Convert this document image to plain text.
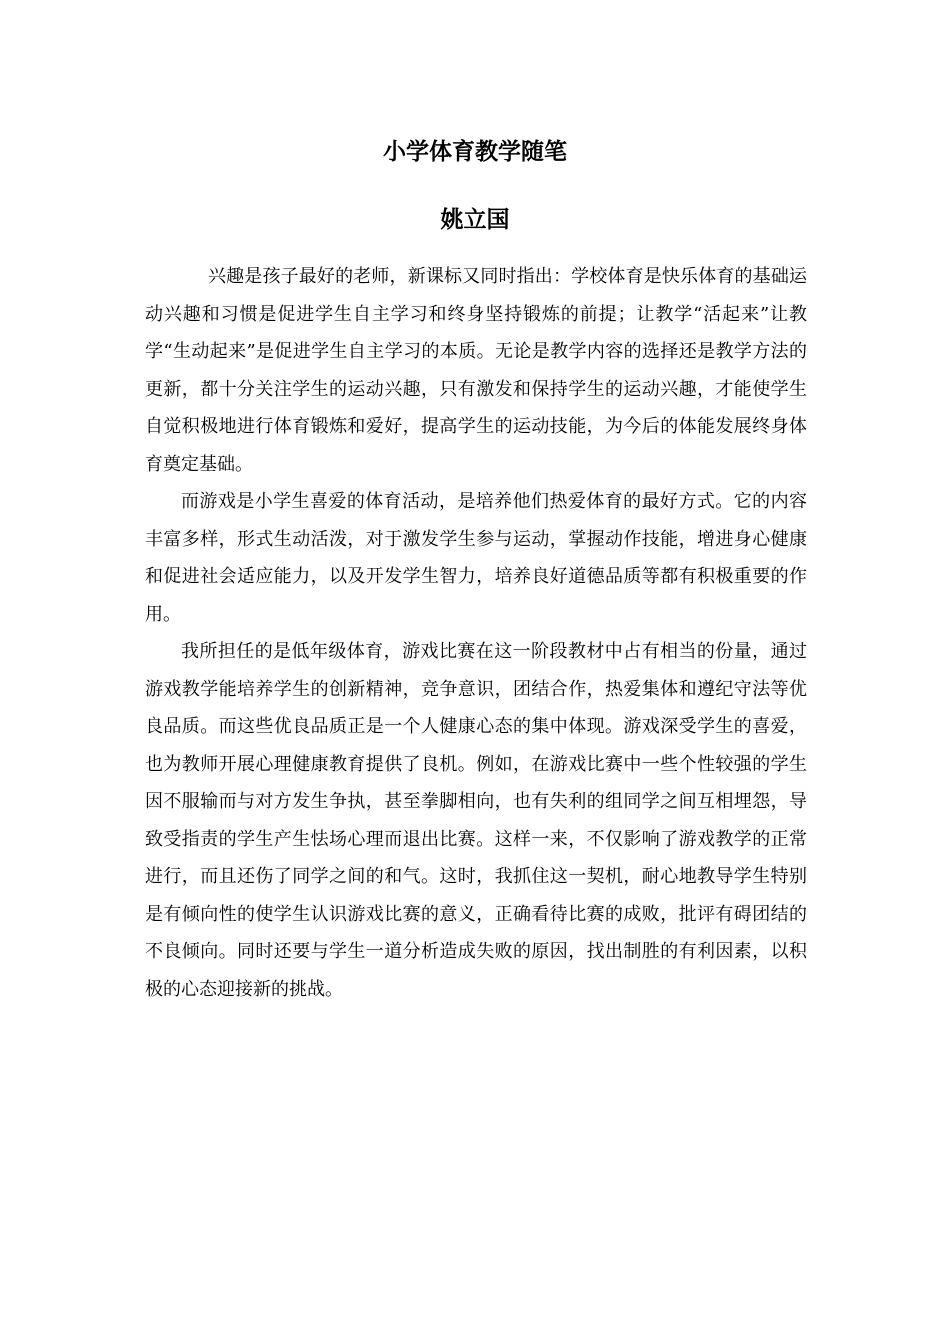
小学体育教学随笔
姚立国

兴趣是孩子最好的老师，新课标又同时指出：学校体育是快乐体育的基础运动兴趣和习惯是促进学生自主学习和终身坚持锻炼的前提；让教学“活起来”让教学“生动起来”是促进学生自主学习的本质。无论是教学内容的选择还是教学方法的更新，都十分关注学生的运动兴趣，只有激发和保持学生的运动兴趣，才能使学生自觉积极地进行体育锻炼和爱好，提高学生的运动技能，为今后的体能发展终身体育奠定基础。

而游戏是小学生喜爱的体育活动，是培养他们热爱体育的最好方式。它的内容丰富多样，形式生动活泼，对于激发学生参与运动，掌握动作技能，增进身心健康和促进社会适应能力，以及开发学生智力，培养良好道德品质等都有积极重要的作用。

我所担任的是低年级体育，游戏比赛在这一阶段教材中占有相当的份量，通过游戏教学能培养学生的创新精神，竞争意识，团结合作，热爱集体和遵纪守法等优良品质。而这些优良品质正是一个人健康心态的集中体现。游戏深受学生的喜爱，也为教师开展心理健康教育提供了良机。例如，在游戏比赛中一些个性较强的学生因不服输而与对方发生争执，甚至拳脚相向，也有失利的组同学之间互相埋怨，导致受指责的学生产生怯场心理而退出比赛。这样一来，不仅影响了游戏教学的正常进行，而且还伤了同学之间的和气。这时，我抓住这一契机，耐心地教导学生特别是有倾向性的使学生认识游戏比赛的意义，正确看待比赛的成败，批评有碍团结的不良倾向。同时还要与学生一道分析造成失败的原因，找出制胜的有利因素，以积极的心态迎接新的挑战。
